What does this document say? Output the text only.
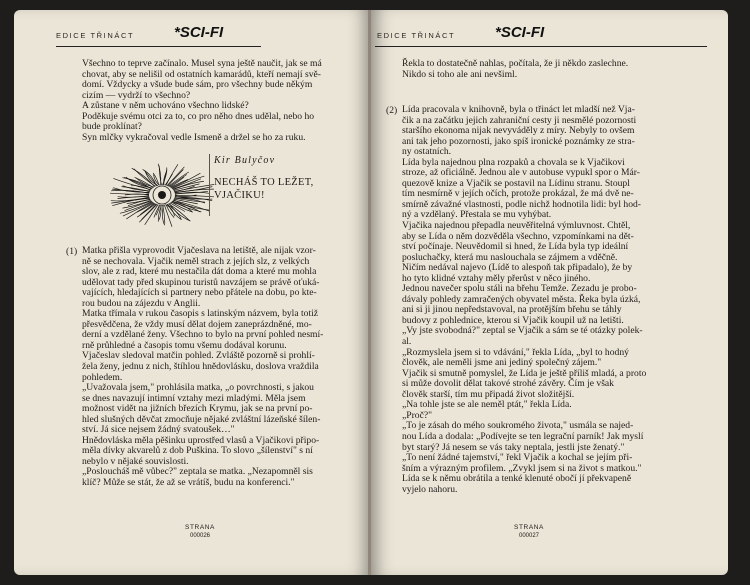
EDICE TŘINÁCT	*SCI-FI

Všechno to teprve začínalo. Musel syna ještě naučit, jak se má
chovat, aby se nelišil od ostatních kamarádů, kteří nemají svě-
domí. Vždycky a všude bude sám, pro všechny bude někým
cizím — vydrží to všechno?
A zůstane v něm uchováno všechno lidské?
Poděkuje svému otci za to, co pro něho dnes udělal, nebo ho
bude proklínat?
Syn mlčky vykračoval vedle Ismeně a držel se ho za ruku.

Kir Bulyčov
NECHÁŠ TO LEŽET,
VJAČIKU!
(1) Matka přišla vyprovodit Vjačeslava na letiště, ale nijak vzor-
ně se nechovala. Vjačik neměl strach z jejích slz, z velkých
slov, ale z rad, které mu nestačila dát doma a které mu mohla
udělovat tady před skupinou turistů navzájem se právě oťuká-
vajících, hledajících si partnery nebo přátele na dobu, po kte-
rou budou na zájezdu v Anglii.
Matka třímala v rukou časopis s latinským názvem, byla totiž
přesvědčena, že vždy musí dělat dojem zaneprázdněné, mo-
derní a vzdělané ženy. Všechno to bylo na první pohled nesmí-
rně průhledné a časopis tomu všemu dodával korunu.
Vjačeslav sledoval matčin pohled. Zvláště pozorně si prohlí-
žela ženy, jednu z nich, štíhlou hnědovlásku, doslova vraždila
pohledem.
„Uvažovala jsem," prohlásila matka, „o povrchnosti, s jakou
se dnes navazují intimní vztahy mezi mladými. Měla jsem
možnost vidět na jižních březích Krymu, jak se na první po-
hled slušných děvčat zmocňuje nějaké zvláštní lázeňské šílen-
ství. Já sice nejsem žádný svatoušek…"
Hnědovláska měla pěšinku uprostřed vlasů a Vjačikovi připo-
měla dívky akvarelů z dob Puškina. To slovo „šílenství" s ní
nebylo v nějaké souvislosti.
„Posloucháš mě vůbec?" zeptala se matka. „Nezapomněl sis
klíč? Může se stát, že až se vrátíš, budu na konferenci."

STRANA
000026
EDICE TŘINÁCT	*SCI-FI

Řekla to dostatečně nahlas, počítala, že ji někdo zaslechne.
Nikdo si toho ale ani nevšiml.

(2) Lída pracovala v knihovně, byla o třináct let mladší než Vja-
čik a na začátku jejich zahraniční cesty ji nesmělé pozornosti
staršího ekonoma nijak nevyváděly z míry. Nebyly to ovšem
ani tak jeho pozornosti, jako spíš ironické poznámky ze stra-
ny ostatních.
Lída byla najednou plna rozpaků a chovala se k Vjačikovi
stroze, až oficiálně. Jednou ale v autobuse vypukl spor o Már-
quezově knize a Vjačik se postavil na Lídinu stranu. Stoupl
tím nesmírně v jejích očích, protože prokázal, že má dvě ne-
smírně závažné vlastnosti, podle nichž hodnotila lidi: byl hod-
ný a vzdělaný. Přestala se mu vyhýbat.
Vjačika najednou přepadla neuvěřitelná výmluvnost. Chtěl,
aby se Lída o něm dozvěděla všechno, vzpomínkami na dět-
ství počínaje. Neuvědomil si hned, že Lída byla typ ideální
posluchačky, která mu naslouchala se zájmem a vděčně.
Ničím nedával najevo (Lídě to alespoň tak připadalo), že by
ho tyto klidné vztahy měly přerůst v něco jiného.
Jednou navečer spolu stáli na břehu Temže. Zezadu je probo-
dávaly pohledy zamračených obyvatel města. Řeka byla úzká,
ani si ji jinou nepředstavoval, na protějším břehu se táhly
budovy z pohlednice, kterou si Vjačik koupil už na letišti.
„Vy jste svobodná?" zeptal se Vjačik a sám se té otázky polek-
al.
„Rozmyslela jsem si to vdávání," řekla Lída, „byl to hodný
člověk, ale neměli jsme ani jediný společný zájem."
Vjačik si smutně pomyslel, že Lída je ještě příliš mladá, a proto
si může dovolit dělat takové strohé závěry. Čím je však
člověk starší, tím mu připadá život složitější.
„Na tohle jste se ale neměl ptát," řekla Lída.
„Proč?"
„To je zásah do mého soukromého života," usmála se najed-
nou Lída a dodala: „Podívejte se ten legrační parník! Jak myslí
byt starý? Já nesem se vás taky neptala, jestli jste ženatý."
„To není žádné tajemství," řekl Vjačik a kochal se jejím při-
šním a výrazným profilem. „Zvykl jsem si na život s matkou."
Lída se k němu obrátila a tenké klenuté obočí jí překvapeně
vyjelo nahoru.

STRANA
000027
